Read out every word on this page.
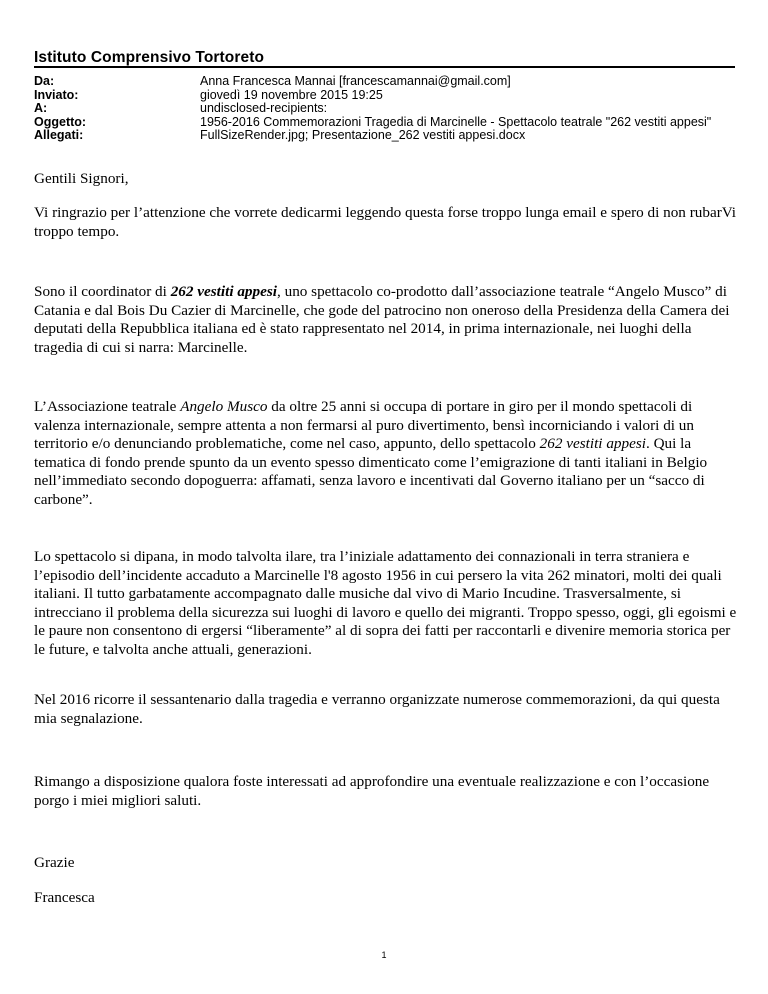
Istituto Comprensivo Tortoreto
Da:	Anna Francesca Mannai [francescamannai@gmail.com]
Inviato:	giovedì 19 novembre 2015 19:25
A:	undisclosed-recipients:
Oggetto:	1956-2016 Commemorazioni Tragedia di Marcinelle - Spettacolo teatrale "262 vestiti appesi"
Allegati:	FullSizeRender.jpg; Presentazione_262 vestiti appesi.docx

Gentili Signori,

Vi ringrazio per l’attenzione che vorrete dedicarmi leggendo questa forse troppo lunga email e spero di non rubarVi troppo tempo.

Sono il coordinator di 262 vestiti appesi, uno spettacolo co-prodotto dall’associazione teatrale “Angelo Musco” di Catania e dal Bois Du Cazier di Marcinelle, che gode del patrocino non oneroso della Presidenza della Camera dei deputati della Repubblica italiana ed è stato rappresentato nel 2014, in prima internazionale, nei luoghi della tragedia di cui si narra: Marcinelle.

L’Associazione teatrale Angelo Musco da oltre 25 anni si occupa di portare in giro per il mondo spettacoli di valenza internazionale, sempre attenta a non fermarsi al puro divertimento, bensì incorniciando i valori di un territorio e/o denunciando problematiche, come nel caso, appunto, dello spettacolo 262 vestiti appesi. Qui la tematica di fondo prende spunto da un evento spesso dimenticato come l’emigrazione di tanti italiani in Belgio nell’immediato secondo dopoguerra: affamati, senza lavoro e incentivati dal Governo italiano per un “sacco di carbone”.

Lo spettacolo si dipana, in modo talvolta ilare, tra l’iniziale adattamento dei connazionali in terra straniera e l’episodio dell’incidente accaduto a Marcinelle l'8 agosto 1956 in cui persero la vita 262 minatori, molti dei quali italiani. Il tutto garbatamente accompagnato dalle musiche dal vivo di Mario Incudine. Trasversalmente, si intrecciano il problema della sicurezza sui luoghi di lavoro e quello dei migranti. Troppo spesso, oggi, gli egoismi e le paure non consentono di ergersi “liberamente” al di sopra dei fatti per raccontarli e divenire memoria storica per le future, e talvolta anche attuali, generazioni.

Nel 2016 ricorre il sessantenario dalla tragedia e verranno organizzate numerose commemorazioni, da qui questa mia segnalazione.

Rimango a disposizione qualora foste interessati ad approfondire una eventuale realizzazione e con l’occasione porgo i miei migliori saluti.

Grazie

Francesca

1
